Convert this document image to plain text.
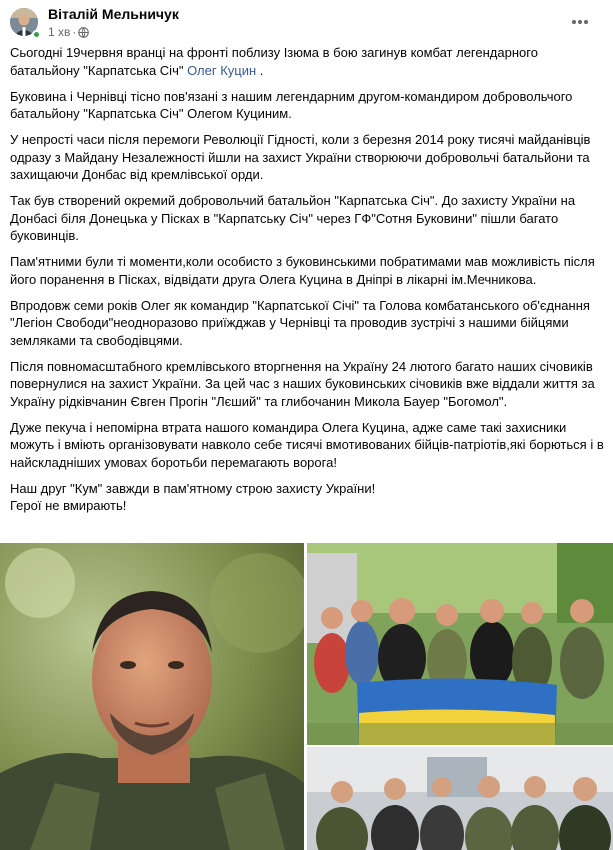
Віталій Мельничук
1 хв ·

Сьогодні 19червня вранці на фронті поблизу Ізюма в бою загинув комбат легендарного батальйону "Карпатська Січ" Олег Куцин .

Буковина і Чернівці тісно пов'язані з нашим легендарним другом-командиром добровольчого батальйону "Карпатська Січ" Олегом Куциним.

У непрості часи після перемоги Революції Гідності, коли з березня 2014 року тисячі майданівців одразу з Майдану Незалежності йшли на захист України створюючи добровольчі батальйони та захищаючи Донбас від кремлівської орди.

Так був створений окремий добровольчий батальйон "Карпатська Січ". До захисту України на Донбасі біля Донецька у Пісках в "Карпатську Січ" через ГФ"Сотня Буковини" пішли багато буковинців.

Пам'ятними були ті моменти,коли особисто з буковинськими побратимами мав можливість після його поранення в Пісках, відвідати друга Олега Куцина в Дніпрі в лікарні ім.Мечникова.

Впродовж семи років Олег як командир "Карпатської Січі" та Голова комбатанського об'єднання "Легіон Свободи"неодноразово приїжджав у Чернівці та проводив зустрічі з нашими бійцями земляками та свободівцями.

Після повномасштабного кремлівського вторгнення на Україну 24 лютого багато наших січовиків повернулися на захист України. За цей час з наших буковинських січовиків вже віддали життя за Україну рідківчанин Євген Прогін "Лєший" та глибочанин Микола Бауер "Богомол".

Дуже пекуча і непомірна втрата нашого командира Олега Куцина, адже саме такі захисники можуть і вміють організовувати навколо себе тисячі вмотивованих бійців-патріотів,які борються і в найскладніших умовах боротьби перемагають ворога!

Наш друг "Кум" завжди в пам'ятному строю захисту України!

Герої не вмирають!
